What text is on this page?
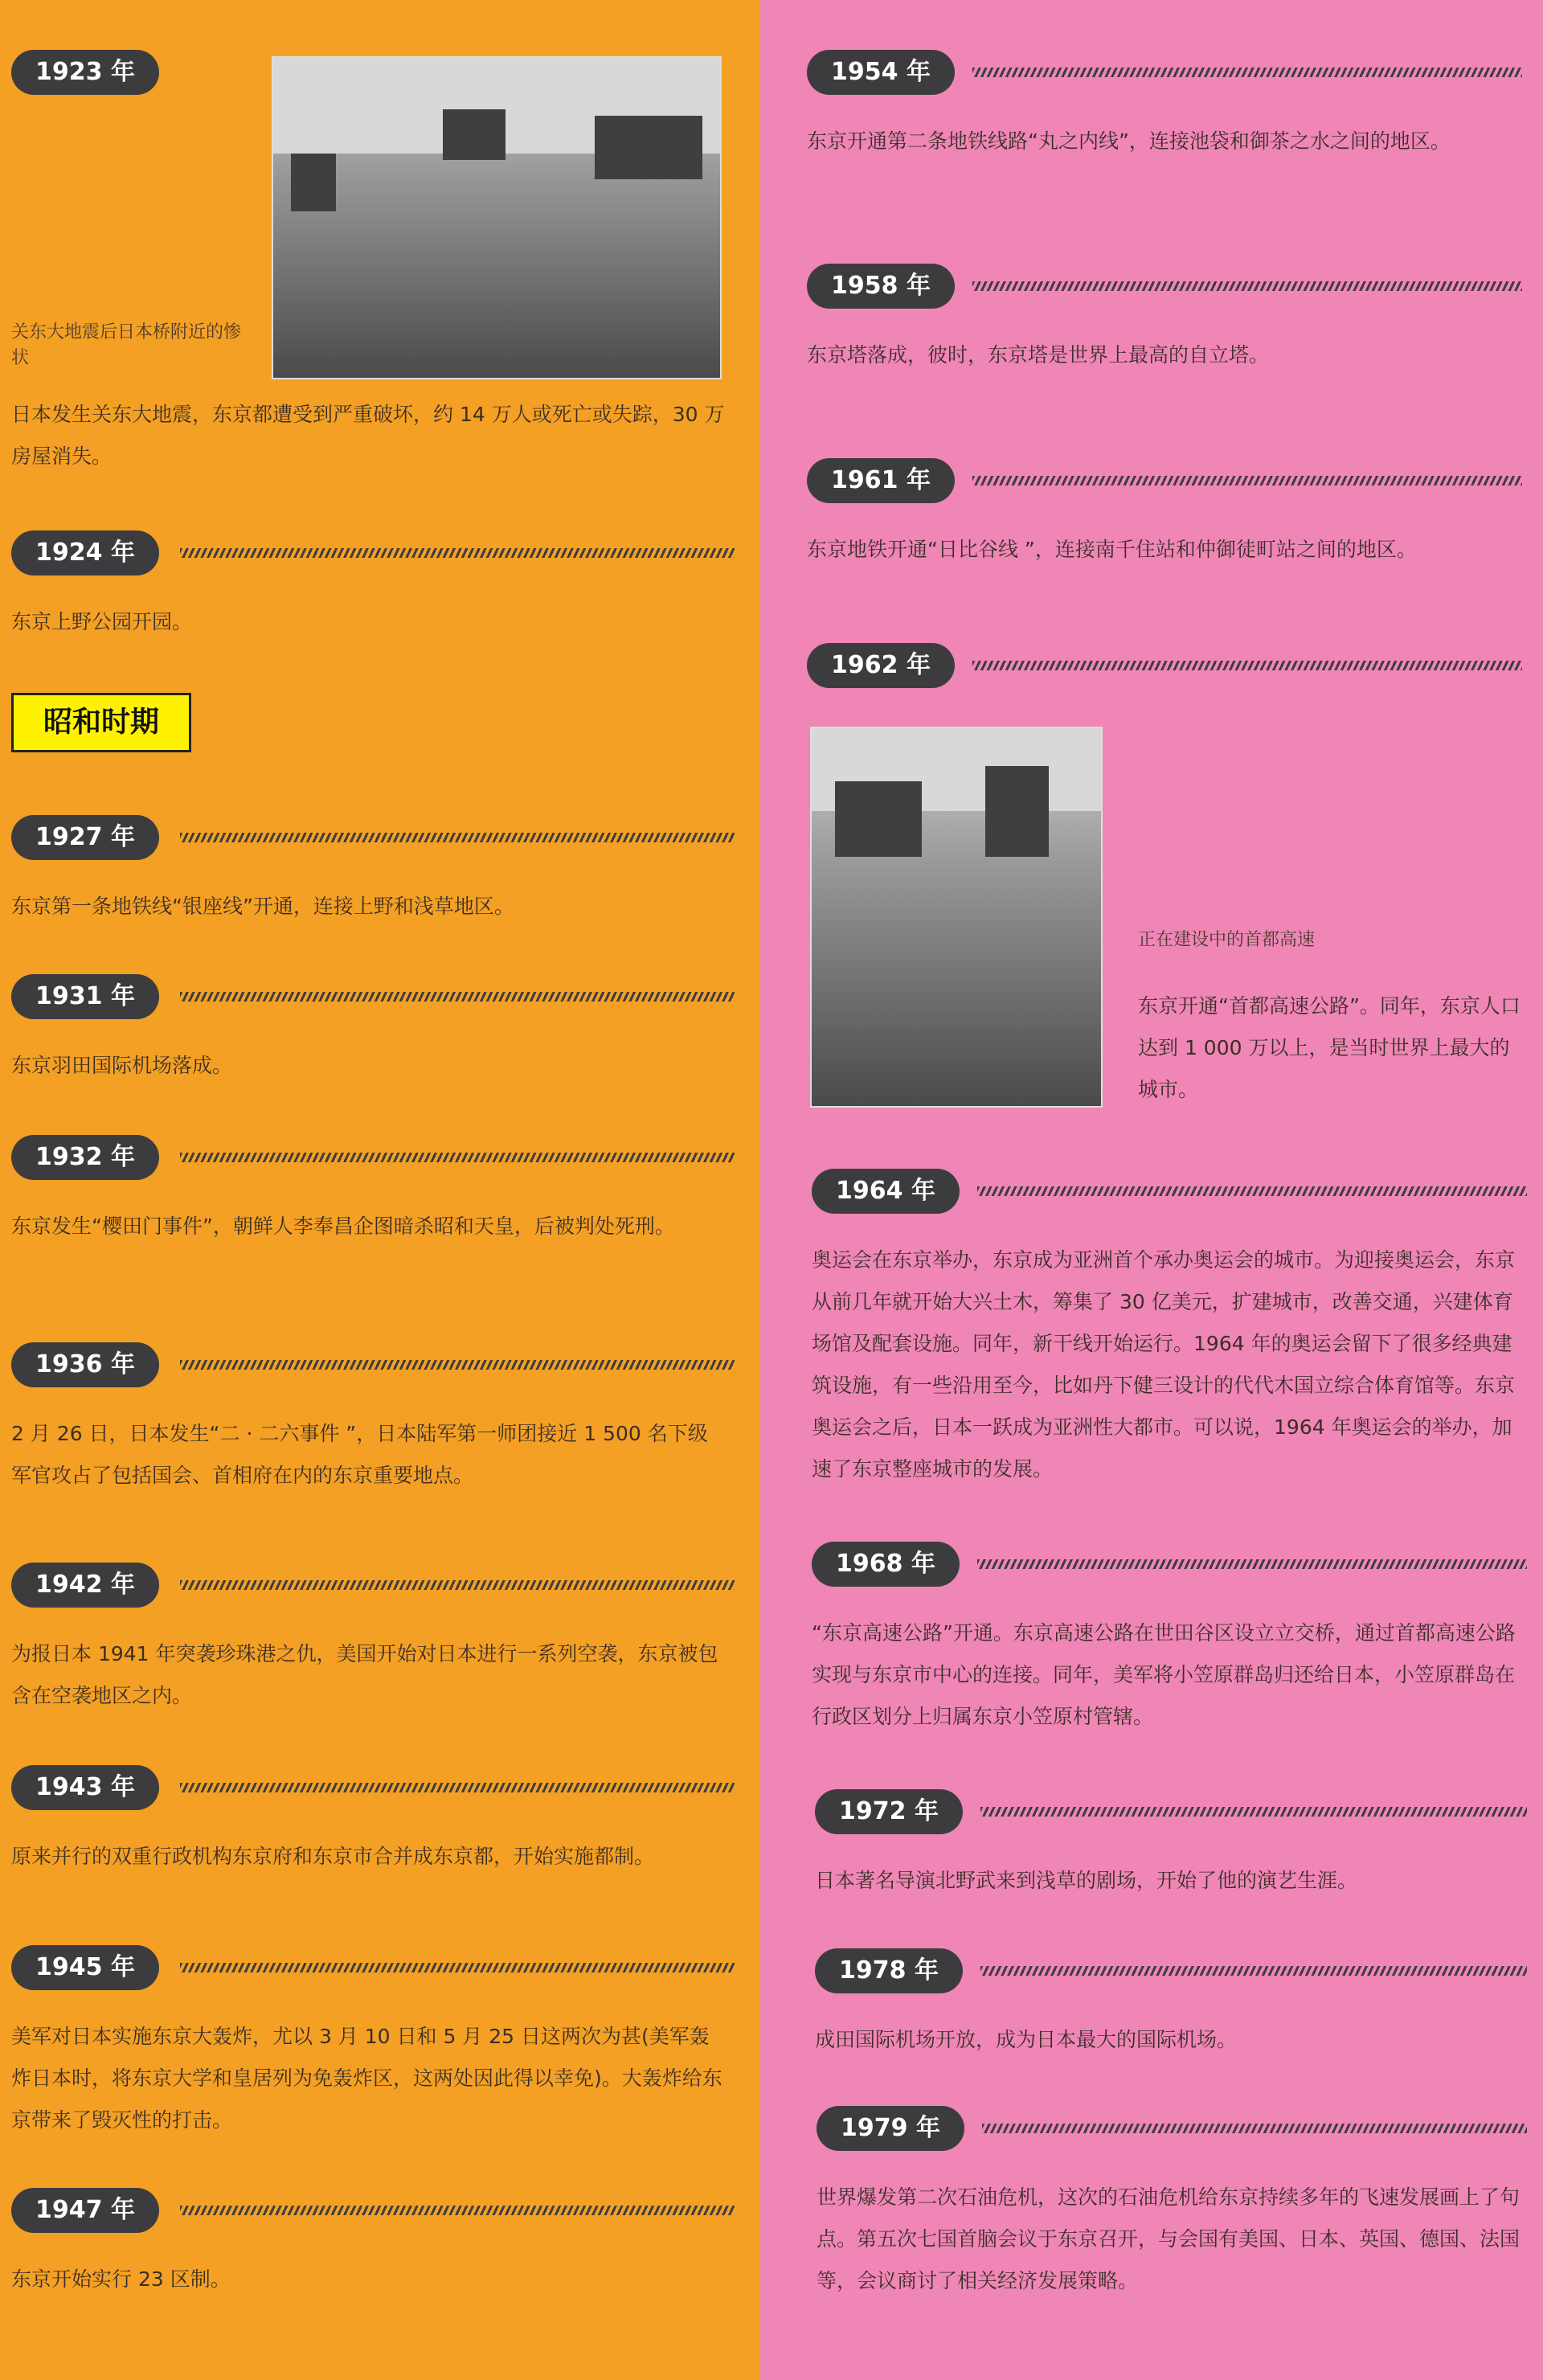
1923 年
日本发生关东大地震，东京都遭受到严重破坏，约 14 万人或死亡或失踪，30 万房屋消失。
关东大地震后日本桥附近的惨状
1924 年
东京上野公园开园。
昭和时期
1927 年
东京第一条地铁线“银座线”开通，连接上野和浅草地区。
1931 年
东京羽田国际机场落成。
1932 年
东京发生“樱田门事件”，朝鲜人李奉昌企图暗杀昭和天皇，后被判处死刑。
1936 年
2 月 26 日，日本发生“二 · 二六事件 ”，日本陆军第一师团接近 1 500 名下级军官攻占了包括国会、首相府在内的东京重要地点。
1942 年
为报日本 1941 年突袭珍珠港之仇，美国开始对日本进行一系列空袭，东京被包含在空袭地区之内。
1943 年
原来并行的双重行政机构东京府和东京市合并成东京都，开始实施都制。
1945 年
美军对日本实施东京大轰炸，尤以 3 月 10 日和 5 月 25 日这两次为甚(美军轰炸日本时，将东京大学和皇居列为免轰炸区，这两处因此得以幸免)。大轰炸给东京带来了毁灭性的打击。
1947 年
东京开始实行 23 区制。
1954 年
东京开通第二条地铁线路“丸之内线”，连接池袋和御茶之水之间的地区。
1958 年
东京塔落成，彼时，东京塔是世界上最高的自立塔。
1961 年
东京地铁开通“日比谷线 ”，连接南千住站和仲御徒町站之间的地区。
1962 年
东京开通“首都高速公路”。同年，东京人口达到 1 000 万以上，是当时世界上最大的城市。
正在建设中的首都高速
1964 年
奥运会在东京举办，东京成为亚洲首个承办奥运会的城市。为迎接奥运会，东京从前几年就开始大兴土木，筹集了 30 亿美元，扩建城市，改善交通，兴建体育场馆及配套设施。同年，新干线开始运行。1964 年的奥运会留下了很多经典建筑设施，有一些沿用至今，比如丹下健三设计的代代木国立综合体育馆等。东京奥运会之后，日本一跃成为亚洲性大都市。可以说，1964 年奥运会的举办，加速了东京整座城市的发展。
1968 年
“东京高速公路”开通。东京高速公路在世田谷区设立立交桥，通过首都高速公路实现与东京市中心的连接。同年，美军将小笠原群岛归还给日本，小笠原群岛在行政区划分上归属东京小笠原村管辖。
1972 年
日本著名导演北野武来到浅草的剧场，开始了他的演艺生涯。
1978 年
成田国际机场开放，成为日本最大的国际机场。
1979 年
世界爆发第二次石油危机，这次的石油危机给东京持续多年的飞速发展画上了句点。第五次七国首脑会议于东京召开，与会国有美国、日本、英国、德国、法国等，会议商讨了相关经济发展策略。
